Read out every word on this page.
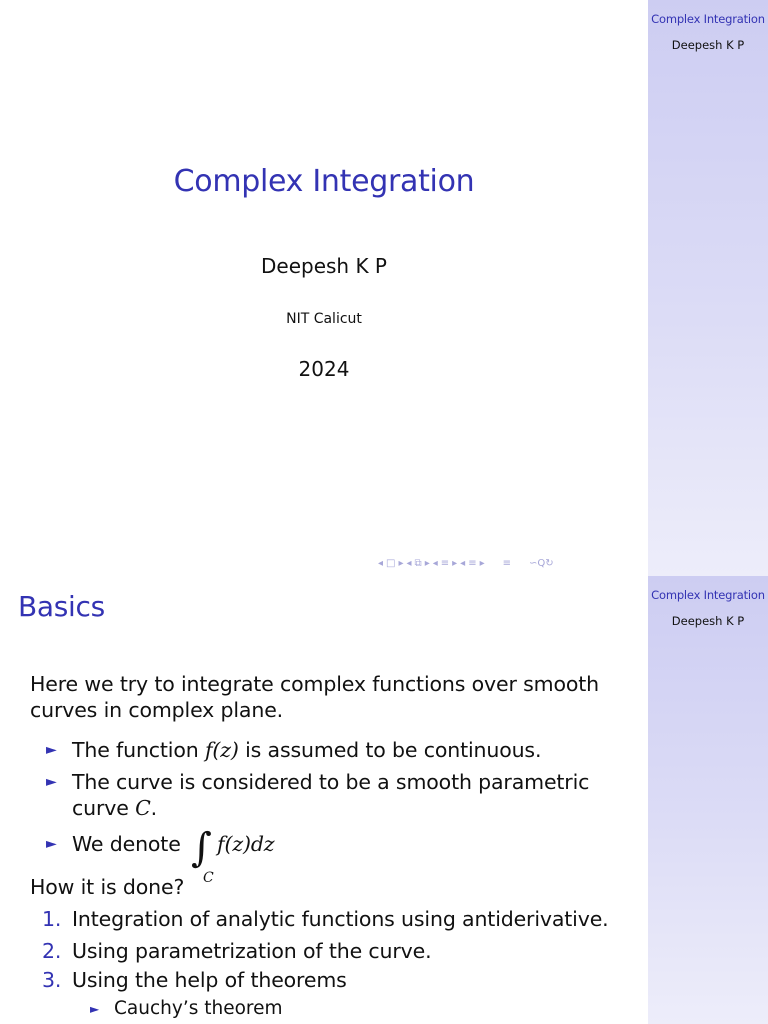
Complex Integration
Deepesh K P
Complex Integration
Deepesh K P
NIT Calicut
2024
◂ □ ▸ ◂ ⧉ ▸ ◂ ≡ ▸ ◂ ≡ ▸ ≡ ∽Q↻
Complex Integration
Deepesh K P
Basics
Here we try to integrate complex functions over smooth curves in complex plane.
► The function f(z) is assumed to be continuous.
► The curve is considered to be a smooth parametric curve C.
► We denote ∫
C
f(z)dz
How it is done?
1. Integration of analytic functions using antiderivative.
2. Using parametrization of the curve.
3. Using the help of theorems
► Cauchy’s theorem
